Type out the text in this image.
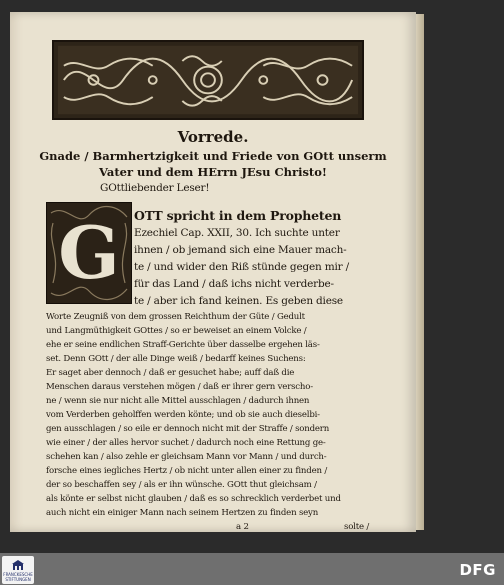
Vorrede.
Gnade / Barmhertzigkeit und Friede von GOtt unserm
Vater und dem HErrn JEsu Christo!
GOttliebender Leser!
G	OTT spricht in dem Propheten
Ezechiel Cap. XXII, 30. Ich suchte unter
ihnen / ob jemand sich eine Mauer mach-
te / und wider den Riß stünde gegen mir /
für das Land / daß ichs nicht verderbe-
te / aber ich fand keinen. Es geben diese
Worte Zeugniß von dem grossen Reichthum der Güte / Gedult
und Langmüthigkeit GOttes / so er beweiset an einem Volcke /
ehe er seine endlichen Straff-Gerichte über dasselbe ergehen läs-
set. Denn GOtt / der alle Dinge weiß / bedarff keines Suchens:
Er saget aber dennoch / daß er gesuchet habe; auff daß die
Menschen daraus verstehen mögen / daß er ihrer gern verscho-
ne / wenn sie nur nicht alle Mittel ausschlagen / dadurch ihnen
vom Verderben geholffen werden könte; und ob sie auch dieselbi-
gen ausschlagen / so eile er dennoch nicht mit der Straffe / sondern
wie einer / der alles hervor suchet / dadurch noch eine Rettung ge-
schehen kan / also zehle er gleichsam Mann vor Mann / und durch-
forsche eines iegliches Hertz / ob nicht unter allen einer zu finden /
der so beschaffen sey / als er ihn wünsche. GOtt thut gleichsam /
als könte er selbst nicht glauben / daß es so schrecklich verderbet und
auch nicht ein einiger Mann nach seinem Hertzen zu finden seyn
a 2	solte /
FRANCKESCHE STIFTUNGEN
DFG
